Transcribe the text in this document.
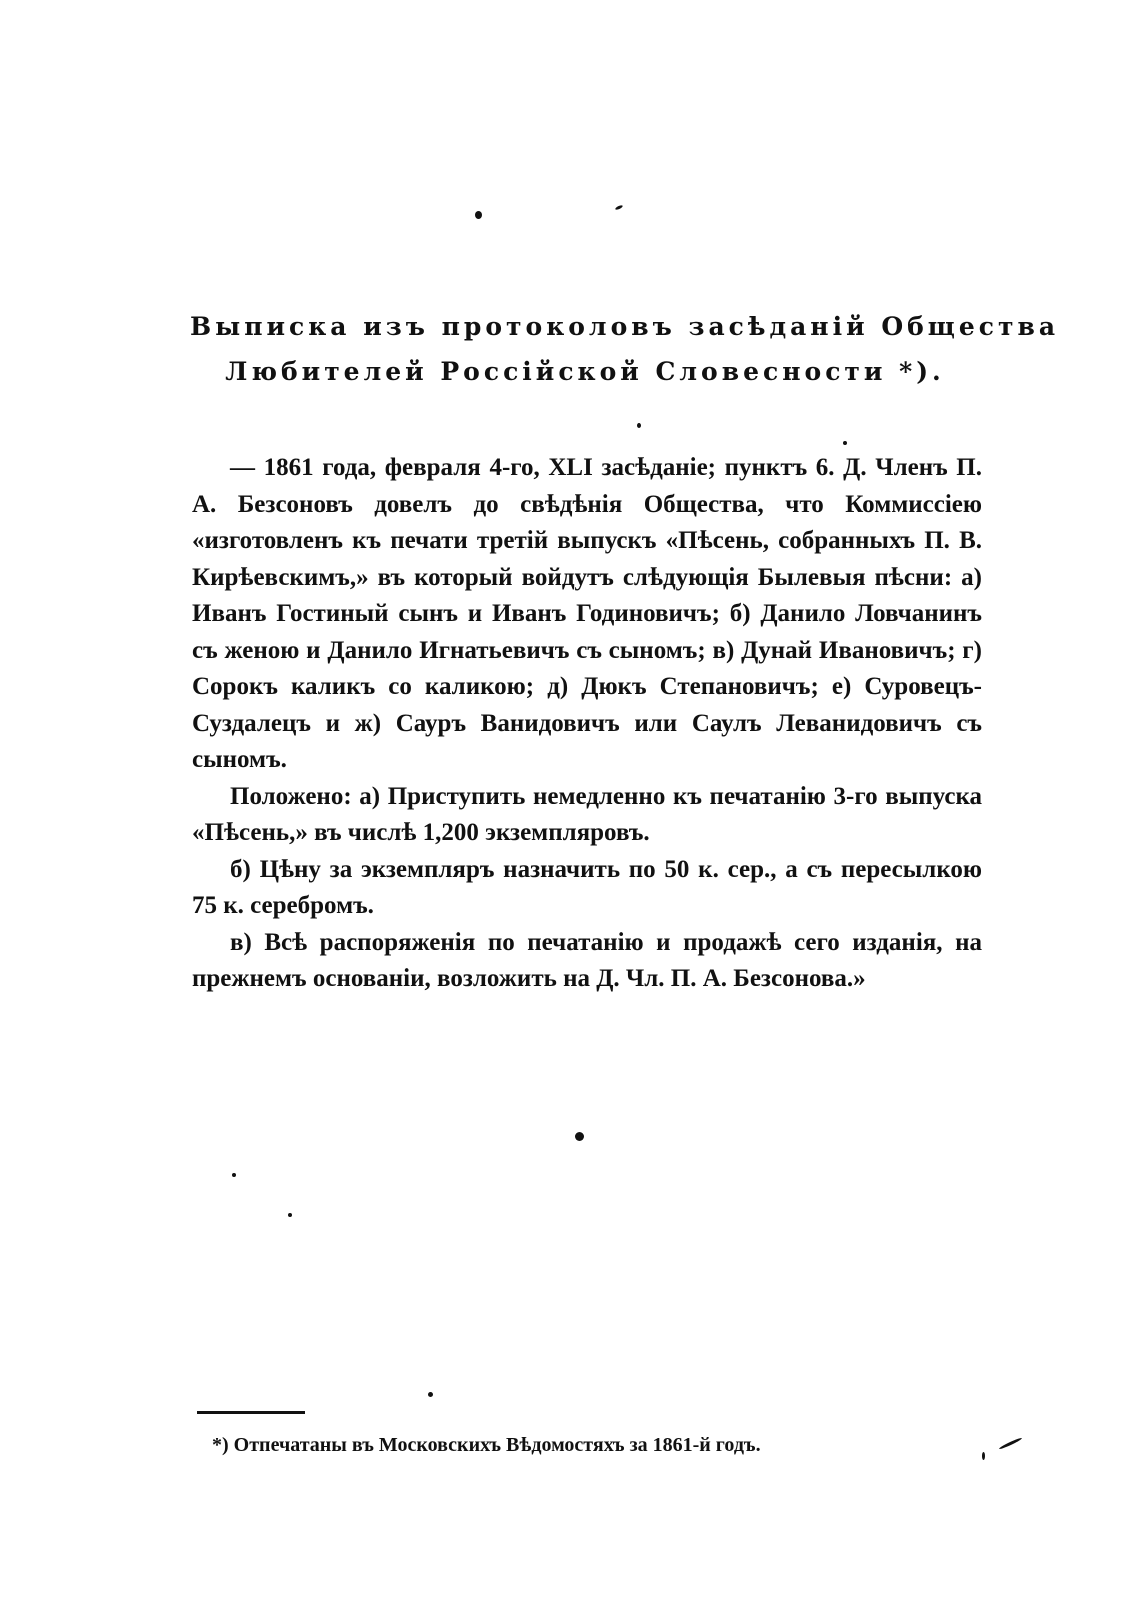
Выписка изъ протоколовъ засѣданій Общества
Любителей Россійской Словесности *).

— 1861 года, февраля 4-го, XLI засѣданіе; пунктъ 6. Д. Членъ П. А. Безсоновъ довелъ до свѣдѣнія Общества, что Коммиссіею «изготовленъ къ печати третій выпускъ «Пѣсень, собранныхъ П. В. Кирѣевскимъ,» въ который войдутъ слѣдующія Былевыя пѣсни: а) Иванъ Гостиный сынъ и Иванъ Годиновичъ; б) Данило Ловчанинъ съ женою и Данило Игнатьевичъ съ сыномъ; в) Дунай Ивановичъ; г) Сорокъ каликъ со каликою; д) Дюкъ Степановичъ; е) Суровецъ-Суздалецъ и ж) Сауръ Ванидовичъ или Саулъ Леванидовичъ съ сыномъ.

Положено: а) Приступить немедленно къ печатанію 3-го выпуска «Пѣсень,» въ числѣ 1,200 экземпляровъ.

б) Цѣну за экземпляръ назначить по 50 к. сер., а съ пересылкою 75 к. серебромъ.

в) Всѣ распоряженія по печатанію и продажѣ сего изданія, на прежнемъ основаніи, возложить на Д. Чл. П. А. Безсонова.»

*) Отпечатаны въ Московскихъ Вѣдомостяхъ за 1861-й годъ.
